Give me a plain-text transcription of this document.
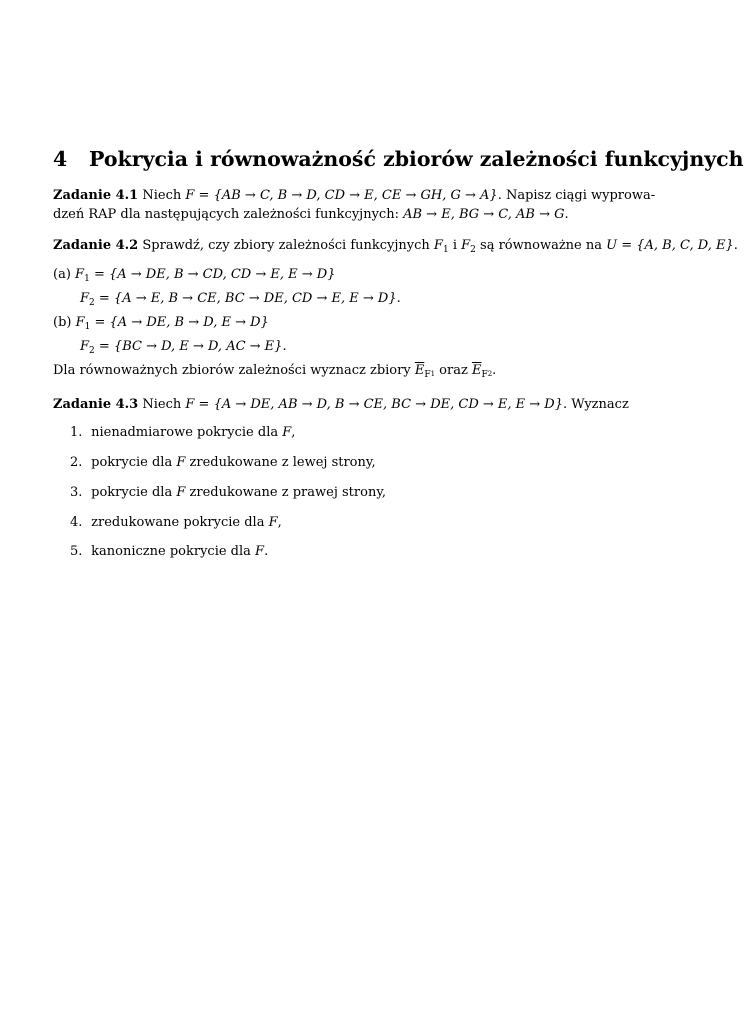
4 Pokrycia i równoważność zbiorów zależności funkcyjnych
Zadanie 4.1 Niech F = {AB → C, B → D, CD → E, CE → GH, G → A}. Napisz ciągi wyprowa-
dzeń RAP dla następujących zależności funkcyjnych: AB → E, BG → C, AB → G.
Zadanie 4.2 Sprawdź, czy zbiory zależności funkcyjnych $F_1$ i $F_2$ są równoważne na U = {A, B, C, D, E}.
(a) $F_1 = \{A$ → DE, B → CD, CD → E, E → D}
$F_2 = \{A \to E$, B → CE, BC → DE, CD → E, E → D}.
(b) $F_1 = \{A$ → DE, B → D, E → D}
$F_2 = \{BC \to D$, E → D, AC → E}.
Dla równoważnych zbiorów zależności wyznacz zbiory $\overline{E}_F1$ oraz $\overline{E}_F2$.
Zadanie 4.3 Niech F = {A → DE, AB → D, B → CE, BC → DE, CD → E, E → D}. Wyznacz
1. nienadmiarowe pokrycie dla F,
2. pokrycie dla F zredukowane z lewej strony,
3. pokrycie dla F zredukowane z prawej strony,
4. zredukowane pokrycie dla F,
5. kanoniczne pokrycie dla F.
